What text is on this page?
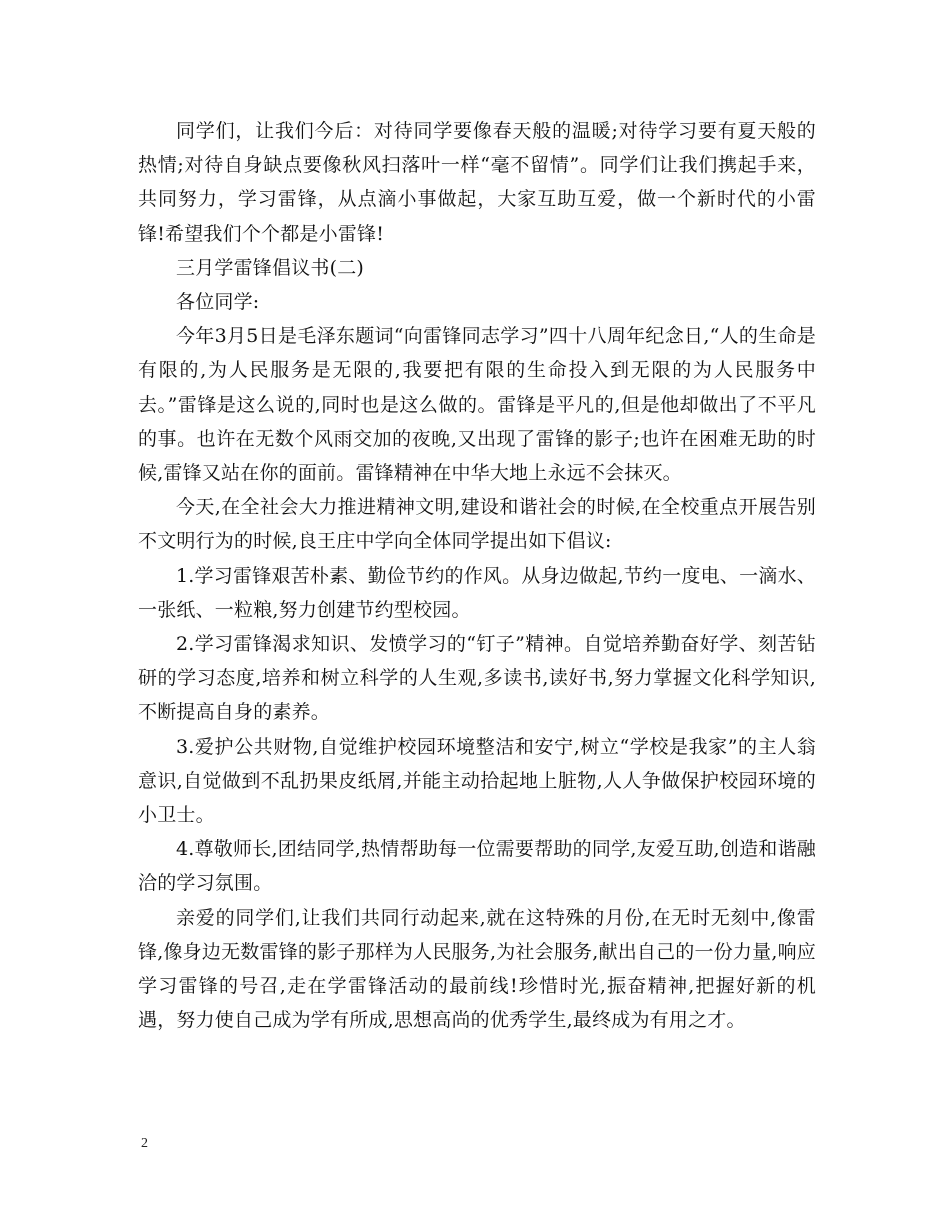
同学们，让我们今后：对待同学要像春天般的温暖;对待学习要有夏天般的热情;对待自身缺点要像秋风扫落叶一样“毫不留情”。同学们让我们携起手来，共同努力，学习雷锋，从点滴小事做起，大家互助互爱，做一个新时代的小雷锋!希望我们个个都是小雷锋!

三月学雷锋倡议书(二)

各位同学:

今年3月5日是毛泽东题词“向雷锋同志学习”四十八周年纪念日,“人的生命是有限的,为人民服务是无限的,我要把有限的生命投入到无限的为人民服务中去。”雷锋是这么说的,同时也是这么做的。雷锋是平凡的,但是他却做出了不平凡的事。也许在无数个风雨交加的夜晚,又出现了雷锋的影子;也许在困难无助的时候,雷锋又站在你的面前。雷锋精神在中华大地上永远不会抹灭。

今天,在全社会大力推进精神文明,建设和谐社会的时候,在全校重点开展告别不文明行为的时候,良王庄中学向全体同学提出如下倡议:

1.学习雷锋艰苦朴素、勤俭节约的作风。从身边做起,节约一度电、一滴水、一张纸、一粒粮,努力创建节约型校园。

2.学习雷锋渴求知识、发愤学习的“钉子”精神。自觉培养勤奋好学、刻苦钻研的学习态度,培养和树立科学的人生观,多读书,读好书,努力掌握文化科学知识,不断提高自身的素养。

3.爱护公共财物,自觉维护校园环境整洁和安宁,树立“学校是我家”的主人翁意识,自觉做到不乱扔果皮纸屑,并能主动拾起地上脏物,人人争做保护校园环境的小卫士。

4.尊敬师长,团结同学,热情帮助每一位需要帮助的同学,友爱互助,创造和谐融洽的学习氛围。

亲爱的同学们,让我们共同行动起来,就在这特殊的月份,在无时无刻中,像雷锋,像身边无数雷锋的影子那样为人民服务,为社会服务,献出自己的一份力量,响应学习雷锋的号召,走在学雷锋活动的最前线!珍惜时光,振奋精神,把握好新的机遇，努力使自己成为学有所成,思想高尚的优秀学生,最终成为有用之才。

2
